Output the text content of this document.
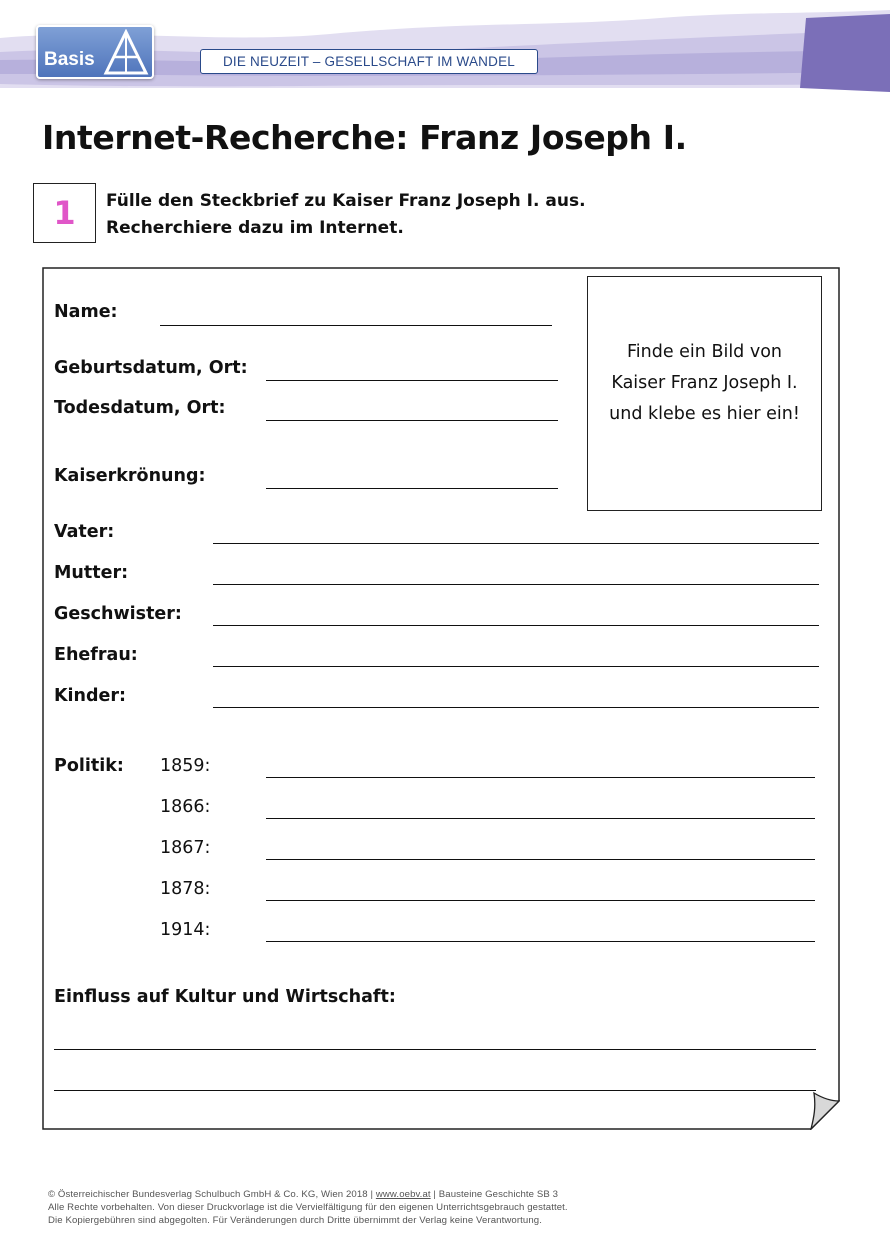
Basis	DIE NEUZEIT – GESELLSCHAFT IM WANDEL
Internet-Recherche: Franz Joseph I.
1	Fülle den Steckbrief zu Kaiser Franz Joseph I. aus.
Recherchiere dazu im Internet.
Finde ein Bild von
Kaiser Franz Joseph I.
und klebe es hier ein!
Name:
Geburtsdatum, Ort:
Todesdatum, Ort:
Kaiserkrönung:
Vater:
Mutter:
Geschwister:
Ehefrau:
Kinder:
Politik: 1859:
1866:
1867:
1878:
1914:
Einfluss auf Kultur und Wirtschaft:
© Österreichischer Bundesverlag Schulbuch GmbH & Co. KG, Wien 2018 | www.oebv.at | Bausteine Geschichte SB 3
Alle Rechte vorbehalten. Von dieser Druckvorlage ist die Vervielfältigung für den eigenen Unterrichtsgebrauch gestattet.
Die Kopiergebühren sind abgegolten. Für Veränderungen durch Dritte übernimmt der Verlag keine Verantwortung.
